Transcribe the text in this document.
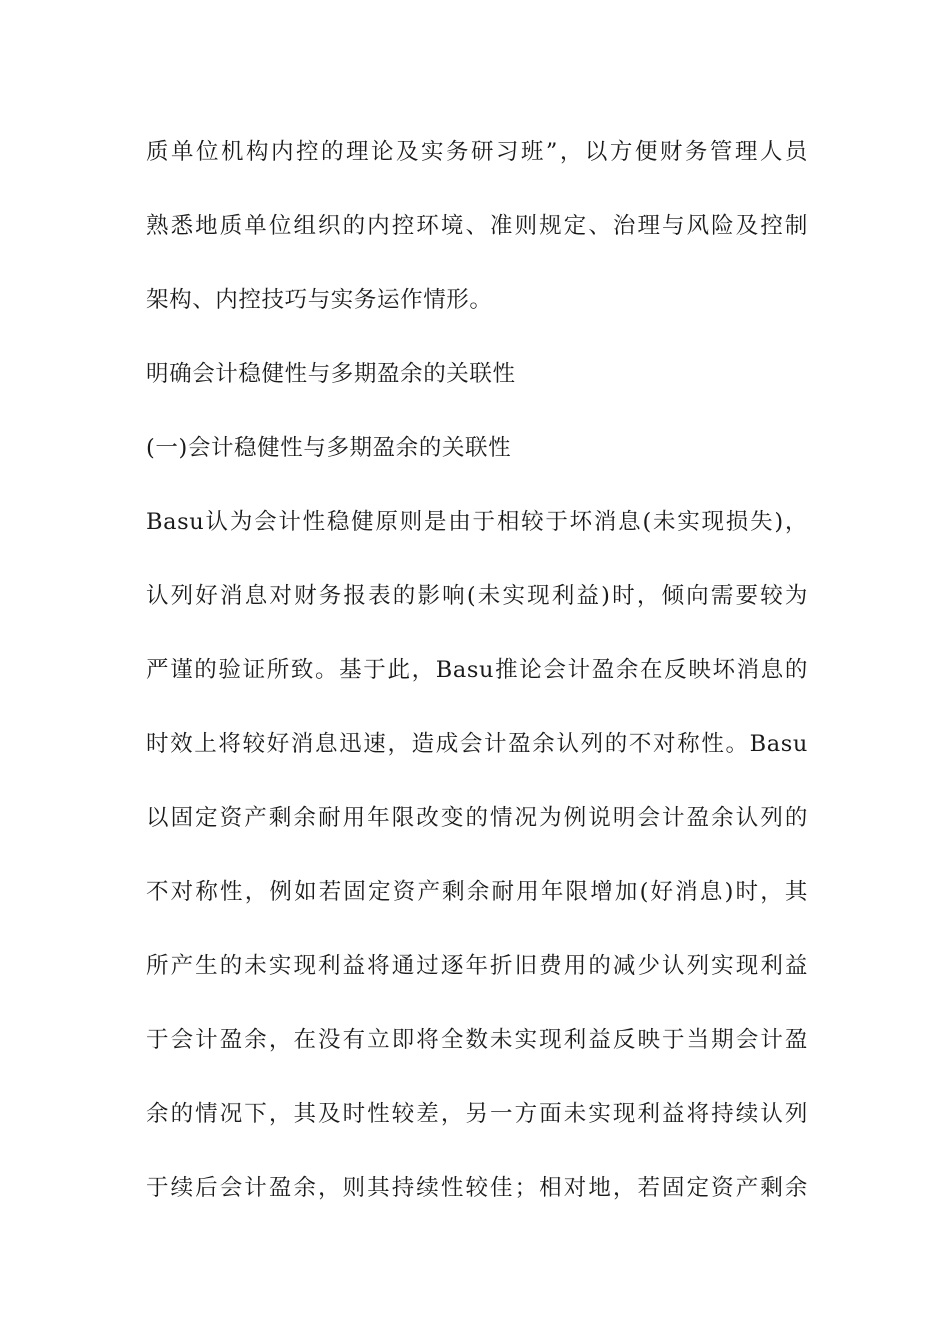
质单位机构内控的理论及实务研习班”，以方便财务管理人员
熟悉地质单位组织的内控环境、准则规定、治理与风险及控制
架构、内控技巧与实务运作情形。
明确会计稳健性与多期盈余的关联性
(一)会计稳健性与多期盈余的关联性
Basu认为会计性稳健原则是由于相较于坏消息(未实现损失)，
认列好消息对财务报表的影响(未实现利益)时，倾向需要较为
严谨的验证所致。基于此，Basu推论会计盈余在反映坏消息的
时效上将较好消息迅速，造成会计盈余认列的不对称性。Basu
以固定资产剩余耐用年限改变的情况为例说明会计盈余认列的
不对称性，例如若固定资产剩余耐用年限增加(好消息)时，其
所产生的未实现利益将通过逐年折旧费用的减少认列实现利益
于会计盈余，在没有立即将全数未实现利益反映于当期会计盈
余的情况下，其及时性较差，另一方面未实现利益将持续认列
于续后会计盈余，则其持续性较佳；相对地，若固定资产剩余
